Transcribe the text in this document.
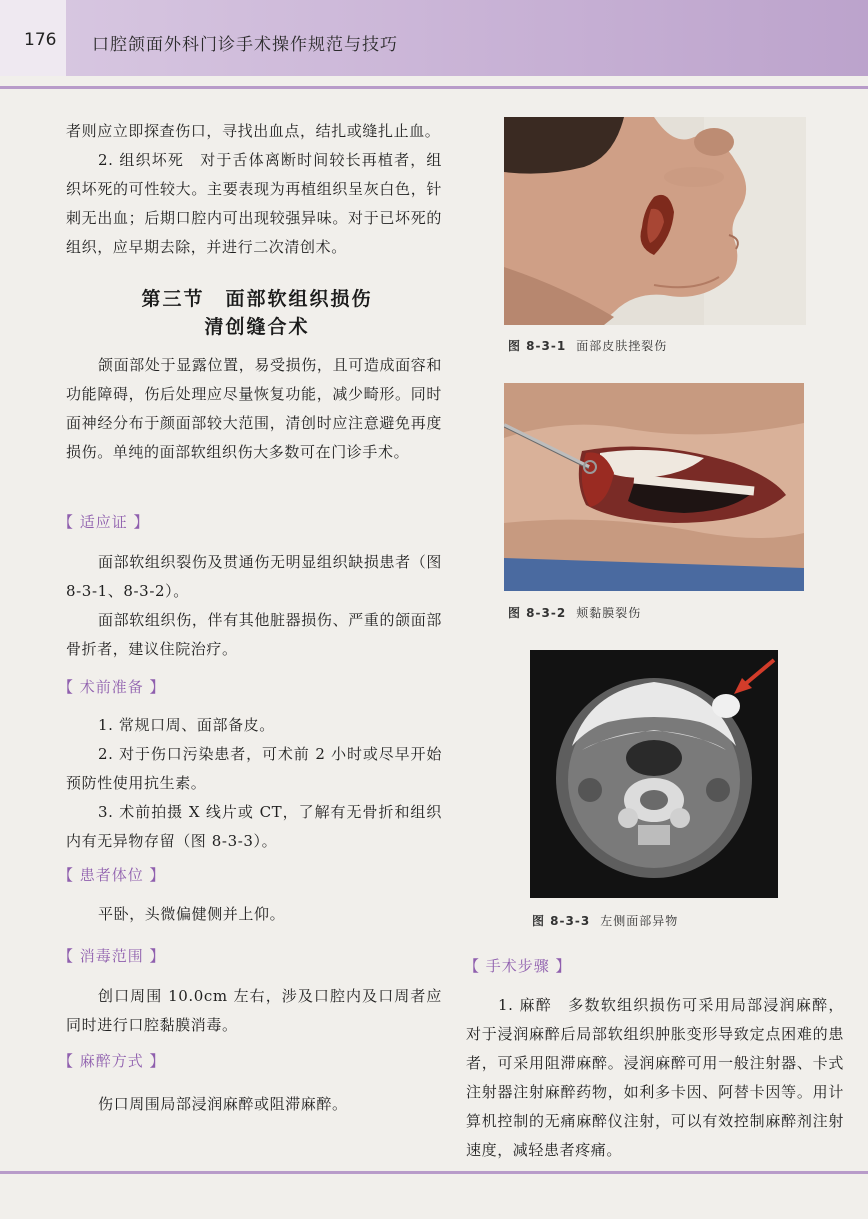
176 口腔颌面外科门诊手术操作规范与技巧

者则应立即探查伤口，寻找出血点，结扎或缝扎止血。

2. 组织坏死　对于舌体离断时间较长再植者，组织坏死的可性较大。主要表现为再植组织呈灰白色，针刺无出血；后期口腔内可出现较强异味。对于已坏死的组织，应早期去除，并进行二次清创术。

第三节　面部软组织损伤
清创缝合术

颌面部处于显露位置，易受损伤，且可造成面容和功能障碍，伤后处理应尽量恢复功能，减少畸形。同时面神经分布于颜面部较大范围，清创时应注意避免再度损伤。单纯的面部软组织伤大多数可在门诊手术。

【 适应证 】

面部软组织裂伤及贯通伤无明显组织缺损患者（图 8-3-1、8-3-2）。

面部软组织伤，伴有其他脏器损伤、严重的颌面部骨折者，建议住院治疗。

【 术前准备 】

1. 常规口周、面部备皮。

2. 对于伤口污染患者，可术前 2 小时或尽早开始预防性使用抗生素。

3. 术前拍摄 X 线片或 CT，了解有无骨折和组织内有无异物存留（图 8-3-3）。

【 患者体位 】

平卧，头微偏健侧并上仰。

【 消毒范围 】

创口周围 10.0cm 左右，涉及口腔内及口周者应同时进行口腔黏膜消毒。

【 麻醉方式 】

伤口周围局部浸润麻醉或阻滞麻醉。

图 8-3-1 面部皮肤挫裂伤
图 8-3-2 颊黏膜裂伤
图 8-3-3 左侧面部异物
【 手术步骤 】

1. 麻醉　多数软组织损伤可采用局部浸润麻醉，对于浸润麻醉后局部软组织肿胀变形导致定点困难的患者，可采用阻滞麻醉。浸润麻醉可用一般注射器、卡式注射器注射麻醉药物，如利多卡因、阿替卡因等。用计算机控制的无痛麻醉仪注射，可以有效控制麻醉剂注射速度，减轻患者疼痛。
